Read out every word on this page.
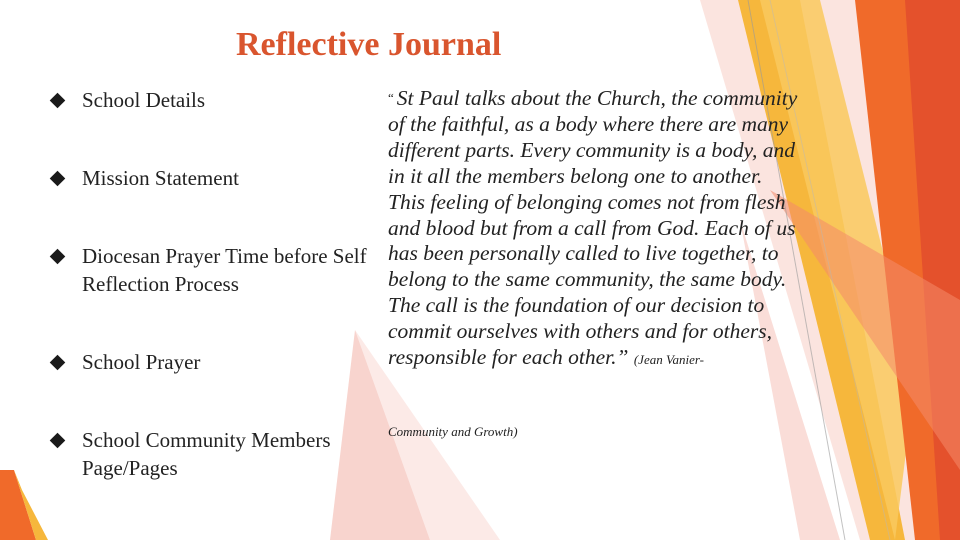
Reflective Journal
School Details
Mission Statement
Diocesan Prayer Time before Self Reflection Process
School Prayer
School Community Members Page/Pages
“ St Paul talks about the Church, the community of the faithful, as a body where there are many different parts. Every community is a body, and in it all the members belong one to another. This feeling of belonging comes not from flesh and blood but from a call from God. Each of us has been personally called to live together, to belong to the same community, the same body. The call is the foundation of our decision to commit ourselves with others and for others, responsible for each other.” (Jean Vanier-
Community and Growth)
